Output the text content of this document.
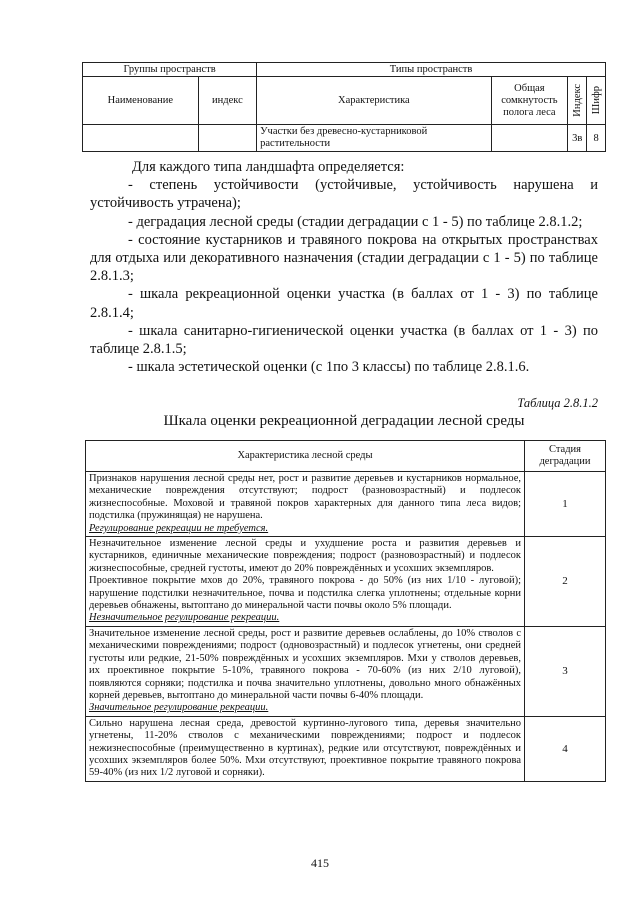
Группы пространств		Типы пространств			
Наименование	индекс	Характеристика	Общая сомкнутость полога леса	Индекс	Шифр

		Участки без древесно-кустарниковой растительности		3в	8

Для каждого типа ландшафта определяется:

- степень устойчивости (устойчивые, устойчивость нарушена и устойчивость утрачена);

- деградация лесной среды (стадии деградации с 1 - 5) по таблице 2.8.1.2;

- состояние кустарников и травяного покрова на открытых пространствах для отдыха или декоративного назначения (стадии деградации с 1 - 5) по таблице 2.8.1.3;

- шкала рекреационной оценки участка (в баллах от 1 - 3) по таблице 2.8.1.4;

- шкала санитарно-гигиенической оценки участка (в баллах от 1 - 3) по таблице 2.8.1.5;

- шкала эстетической оценки (с 1по 3 классы) по таблице 2.8.1.6.

Таблица 2.8.1.2
Шкала оценки рекреационной деградации лесной среды
Характеристика лесной среды	Стадия деградации

Признаков нарушения лесной среды нет, рост и развитие деревьев и кустарников нормальное, механические повреждения отсутствуют; подрост (разновозрастный) и подлесок жизнеспособные. Моховой и травяной покров характерных для данного типа леса видов; подстилка (пружинящая) не нарушена.

Регулирование рекреации не требуется.	1

Незначительное изменение лесной среды и ухудшение роста и развития деревьев и кустарников, единичные механические повреждения; подрост (разновозрастный) и подлесок жизнеспособные, средней густоты, имеют до 20% повреждённых и усохших экземпляров.

Проективное покрытие мхов до 20%, травяного покрова - до 50% (из них 1/10 - луговой); нарушение подстилки незначительное, почва и подстилка слегка уплотнены; отдельные корни деревьев обнажены, вытоптано до минеральной части почвы около 5% площади.

Незначительное регулирование рекреации.	2

Значительное изменение лесной среды, рост и развитие деревьев ослаблены, до 10% стволов с механическими повреждениями; подрост (одновозрастный) и подлесок угнетены, они средней густоты или редкие, 21-50% повреждённых и усохших экземпляров. Мхи у стволов деревьев, их проективное покрытие 5-10%, травяного покрова - 70-60% (из них 2/10 луговой), появляются сорняки; подстилка и почва значительно уплотнены, довольно много обнажённых корней деревьев, вытоптано до минеральной части почвы 6-40% площади.

Значительное регулирование рекреации.	3

Сильно нарушена лесная среда, древостой куртинно-лугового типа, деревья значительно угнетены, 11-20% стволов с механическими повреждениями; подрост и подлесок нежизнеспособные (преимущественно в куртинах), редкие или отсутствуют, повреждённых и усохших экземпляров более 50%. Мхи отсутствуют, проективное покрытие травяного покрова 59-40% (из них 1/2 луговой и сорняки).	4
415
